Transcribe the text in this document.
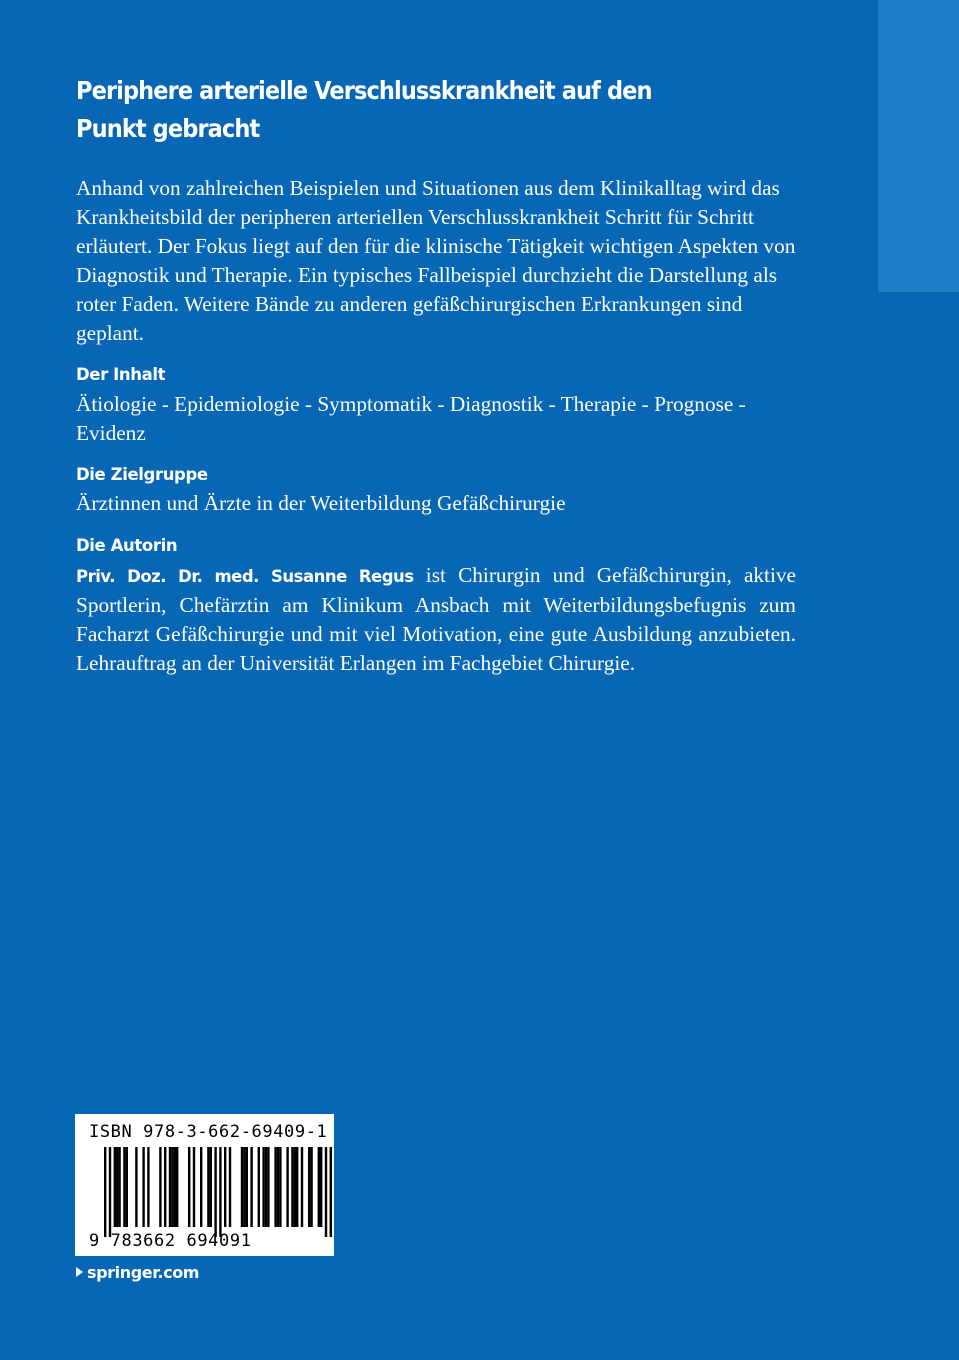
Periphere arterielle Verschlusskrankheit auf den Punkt gebracht

Anhand von zahlreichen Beispielen und Situationen aus dem Klinikalltag wird das Krankheitsbild der peripheren arteriellen Verschlusskrankheit Schritt für Schritt erläutert. Der Fokus liegt auf den für die klinische Tätigkeit wichtigen Aspekten von Diagnostik und Therapie. Ein typisches Fallbeispiel durchzieht die Darstellung als roter Faden. Weitere Bände zu anderen gefäßchirurgischen Erkrankungen sind geplant.

Der Inhalt

Ätiologie - Epidemiologie - Symptomatik - Diagnostik - Therapie - Prognose - Evidenz

Die Zielgruppe

Ärztinnen und Ärzte in der Weiterbildung Gefäßchirurgie

Die Autorin

Priv. Doz. Dr. med. Susanne Regus ist Chirurgin und Gefäßchirurgin, aktive Sportlerin, Chefärztin am Klinikum Ansbach mit Weiterbildungsbefugnis zum Facharzt Gefäßchirurgie und mit viel Motivation, eine gute Ausbildung anzubieten. Lehrauftrag an der Universität Erlangen im Fachgebiet Chirurgie.

ISBN 978-3-662-69409-1
9 783662 694091
springer.com
